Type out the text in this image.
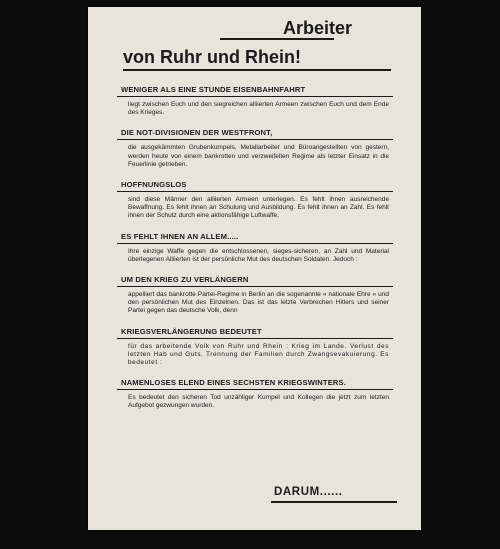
Arbeiter
von Ruhr und Rhein!
WENIGER ALS EINE STUNDE EISENBAHNFAHRT
liegt zwischen Euch und den siegreichen alliierten Armeen zwischen Euch und dem Ende des Krieges.
DIE NOT-DIVISIONEN DER WESTFRONT,
die ausgekämmten Grubenkumpels, Metallarbeiter und Büroangestellten von gestern, werden heute von einem bankrotten und verzweifelten Regime als letzter Einsatz in die Feuerlinie getrieben.
HOFFNUNGSLOS
sind diese Männer den alliierten Armeen unterlegen. Es fehlt ihnen ausreichende Bewaffnung. Es fehlt ihnen an Schulung und Ausbildung. Es fehlt ihnen an Zahl. Es fehlt ihnen der Schutz durch eine aktionsfähige Luftwaffe.
ES FEHLT IHNEN AN ALLEM.....
Ihre einzige Waffe gegen die entschlossenen, sieges-sicheren, an Zahl und Material überlegenen Alliierten ist der persönliche Mut des deutschen Soldaten. Jedoch :
UM DEN KRIEG ZU VERLÄNGERN
appelliert das bankrotte Partei-Regime in Berlin an die sogenannte « nationale Ehre » und den persönlichen Mut des Einzelnen. Das ist das letzte Verbrechen Hitlers und seiner Partei gegen das deutsche Volk, denn
KRIEGSVERLÄNGERUNG BEDEUTET
für das arbeitende Volk von Ruhr und Rhein : Krieg im Lande. Verlust des letzten Hab und Guts. Trennung der Familien durch Zwangsevakuierung. Es bedeutet :
NAMENLOSES ELEND EINES SECHSTEN KRIEGSWINTERS.
Es bedeutet den sicheren Tod unzähliger Kumpel und Kollegen die jetzt zum letzten Aufgebot gezwungen wurden.
DARUM......
